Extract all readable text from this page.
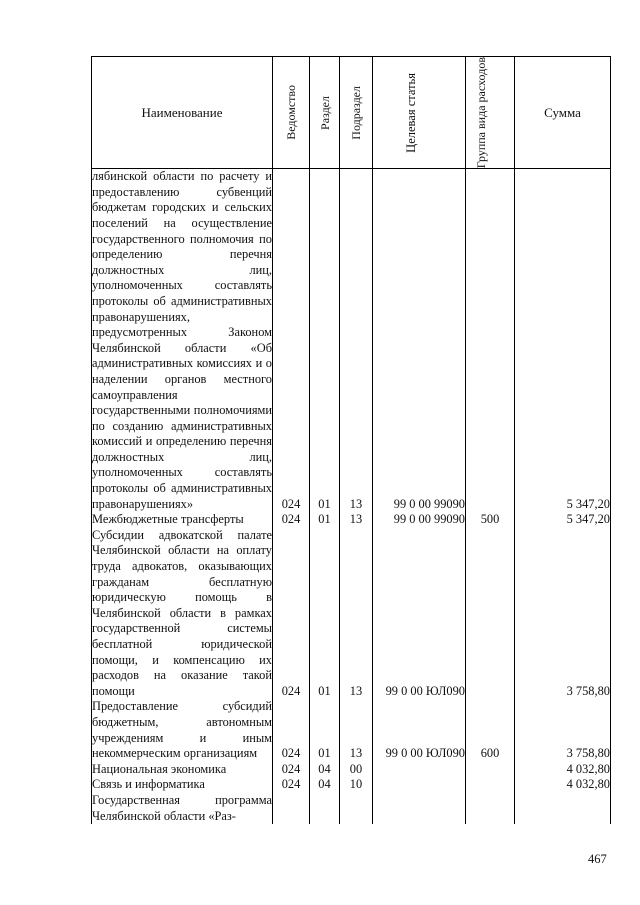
Наименование	Ведомство	Раздел	Подраздел	Целевая статья	Группа вида расходов	Сумма
лябинской области по расчету и предоставлению субвенций бюджетам городских и сельских поселений на осуществление государственного полномочия по определению перечня должностных лиц, уполномоченных составлять протоколы об административных правонарушениях, предусмотренных Законом Челябинской области «Об административных комиссиях и о наделении органов местного самоуправления государственными полномочиями по созданию административных комиссий и определению перечня должностных лиц, уполномоченных составлять протоколы об административных правонарушениях»	024	01	13	99 0 00 99090		5 347,20
Межбюджетные трансферты	024	01	13	99 0 00 99090	500	5 347,20
Субсидии адвокатской палате Челябинской области на оплату труда адвокатов, оказывающих гражданам бесплатную юридическую помощь в Челябинской области в рамках государственной системы бесплатной юридической помощи, и компенсацию их расходов на оказание такой помощи	024	01	13	99 0 00 ЮЛ090		3 758,80
Предоставление субсидий бюджетным, автономным учреждениям и иным некоммерческим организациям	024	01	13	99 0 00 ЮЛ090	600	3 758,80
Национальная экономика	024	04	00			4 032,80
Связь и информатика	024	04	10			4 032,80
Государственная программа Челябинской области «Раз-						
467
